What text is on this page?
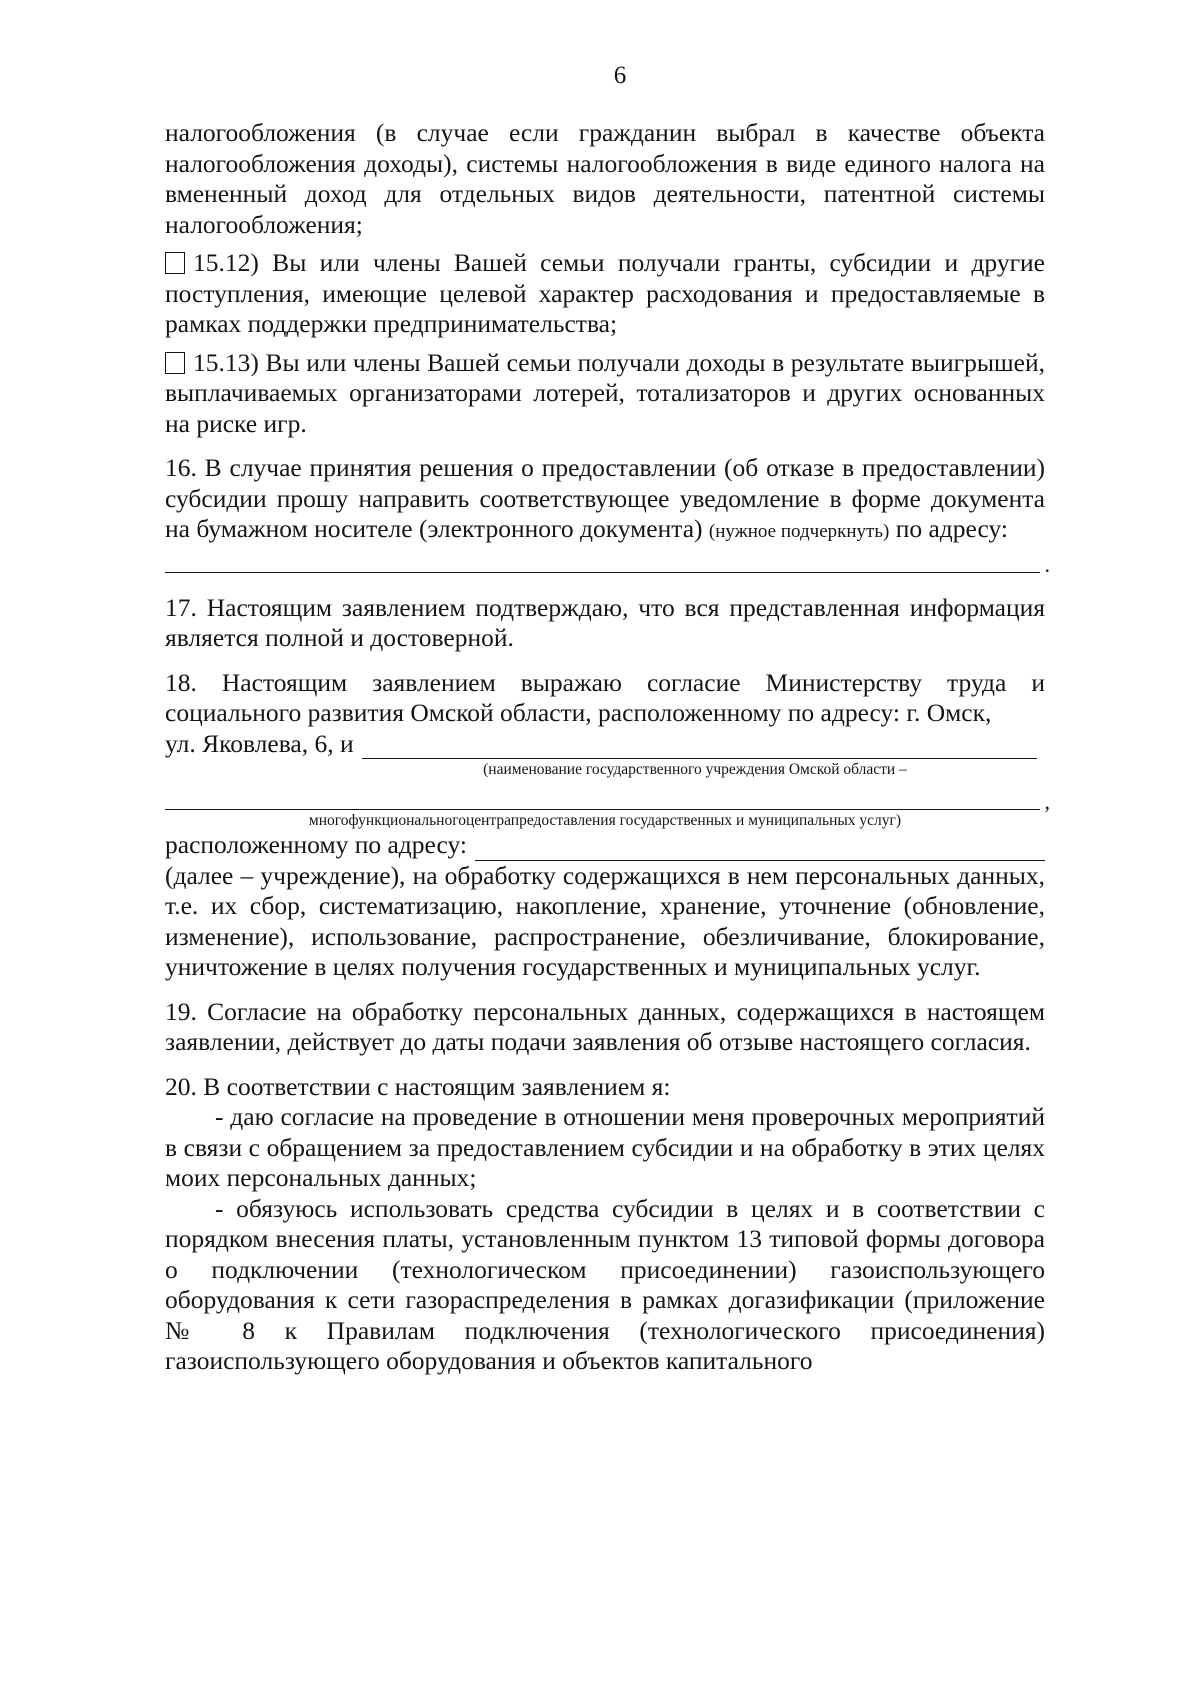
6

налогообложения (в случае если гражданин выбрал в качестве объекта налогообложения доходы), системы налогообложения в виде единого налога на вмененный доход для отдельных видов деятельности, патентной системы налогообложения;

15.12) Вы или члены Вашей семьи получали гранты, субсидии и другие поступления, имеющие целевой характер расходования и предоставляемые в рамках поддержки предпринимательства;

15.13) Вы или члены Вашей семьи получали доходы в результате выигрышей, выплачиваемых организаторами лотерей, тотализаторов и других основанных на риске игр.

16. В случае принятия решения о предоставлении (об отказе в предоставлении) субсидии прошу направить соответствующее уведомление в форме документа на бумажном носителе (электронного документа) (нужное подчеркнуть) по адресу:

.

17. Настоящим заявлением подтверждаю, что вся представленная информация является полной и достоверной.

18. Настоящим заявлением выражаю согласие Министерству труда и социального развития Омской области, расположенному по адресу: г. Омск,

ул. Яковлева, 6, и

(наименование государственного учреждения Омской области –

,

многофункциональногоцентрапредоставления государственных и муниципальных услуг)

расположенному по адресу:

(далее – учреждение), на обработку содержащихся в нем персональных данных, т.е. их сбор, систематизацию, накопление, хранение, уточнение (обновление, изменение), использование, распространение, обезличивание, блокирование, уничтожение в целях получения государственных и муниципальных услуг.

19. Согласие на обработку персональных данных, содержащихся в настоящем заявлении, действует до даты подачи заявления об отзыве настоящего согласия.

20. В соответствии с настоящим заявлением я:

- даю согласие на проведение в отношении меня проверочных мероприятий в связи с обращением за предоставлением субсидии и на обработку в этих целях моих персональных данных;

- обязуюсь использовать средства субсидии в целях и в соответствии с порядком внесения платы, установленным пунктом 13 типовой формы договора о подключении (технологическом присоединении) газоиспользующего оборудования к сети газораспределения в рамках догазификации (приложение № 8 к Правилам подключения (технологического присоединения) газоиспользующего оборудования и объектов капитального
